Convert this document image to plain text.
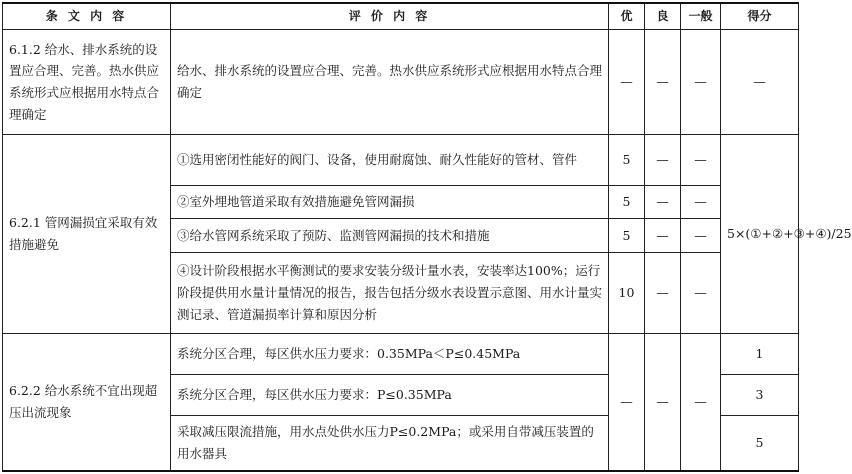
条 文 内 容	评 价 内 容	优	良	一般	得分
6.1.2 给水、排水系统的设置应合理、完善。热水供应系统形式应根据用水特点合理确定	给水、排水系统的设置应合理、完善。热水供应系统形式应根据用水特点合理确定	—	—	—	—
6.2.1 管网漏损宜采取有效措施避免	①选用密闭性能好的阀门、设备，使用耐腐蚀、耐久性能好的管材、管件	5	—	—	5×(①+②+③+④)/25
	②室外埋地管道采取有效措施避免管网漏损	5	—	—	
	③给水管网系统采取了预防、监测管网漏损的技术和措施	5	—	—	
	④设计阶段根据水平衡测试的要求安装分级计量水表，安装率达100%；运行阶段提供用水量计量情况的报告，报告包括分级水表设置示意图、用水计量实测记录、管道漏损率计算和原因分析	10	—	—	
6.2.2 给水系统不宜出现超压出流现象	系统分区合理，每区供水压力要求：0.35MPa＜P≤0.45MPa	—	—	—	1
	系统分区合理，每区供水压力要求：P≤0.35MPa				3
	采取减压限流措施，用水点处供水压力P≤0.2MPa；或采用自带减压装置的用水器具				5
